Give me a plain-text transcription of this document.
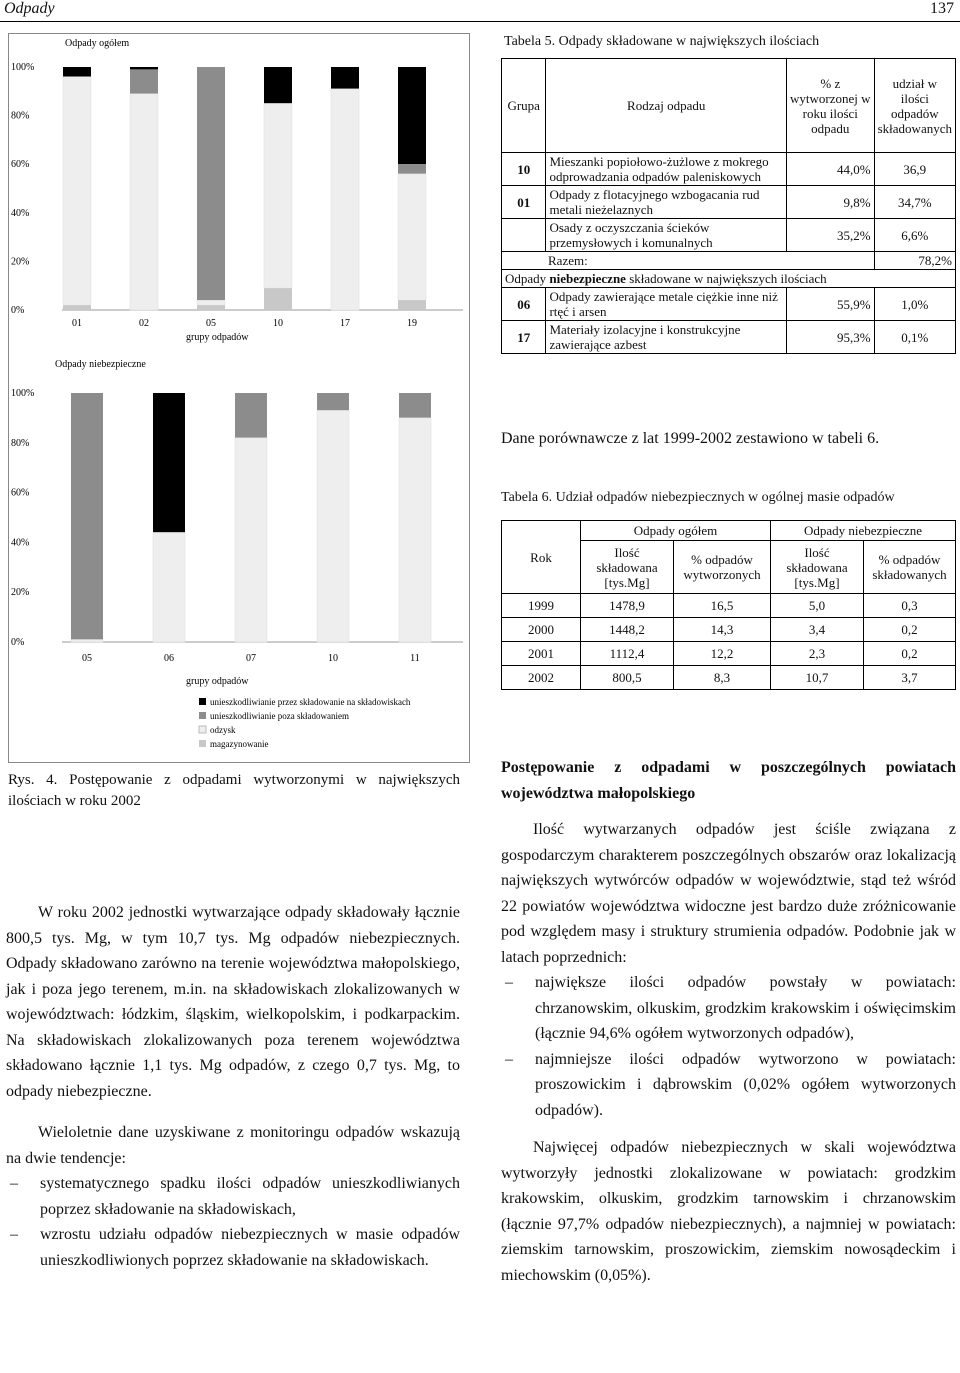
Odpady	137
Odpady ogółem
Odpady niebezpieczne
grupy odpadów
grupy odpadów
100%
80%
60%
40%
20%
0%
01	02	05	10	17	19
100%
80%
60%
40%
20%
0%
05	06	07	10	11
unieszkodliwianie przez składowanie na składowiskach
unieszkodliwianie poza składowaniem
odzysk
magazynowanie
Rys. 4. Postępowanie z odpadami wytworzonymi w największych ilościach w roku 2002
Tabela 5. Odpady składowane w największych ilościach
Grupa	Rodzaj odpadu	% z wytworzonej w roku ilości odpadu	udział w ilości odpadów składowanych
10	Mieszanki popiołowo-żużlowe z mokrego odprowadzania odpadów paleniskowych	44,0%	36,9
01	Odpady z flotacyjnego wzbogacania rud metali nieżelaznych	9,8%	34,7%
	Osady z oczyszczania ścieków przemysłowych i komunalnych	35,2%	6,6%
Razem:			78,2%
Odpady niebezpieczne składowane w największych ilościach			
06	Odpady zawierające metale ciężkie inne niż rtęć i arsen	55,9%	1,0%
17	Materiały izolacyjne i konstrukcyjne zawierające azbest	95,3%	0,1%
Dane porównawcze z lat 1999-2002 zestawiono w tabeli 6.
Tabela 6. Udział odpadów niebezpiecznych w ogólnej masie odpadów
Rok	Odpady ogółem		Odpady niebezpieczne	
	Ilość składowana [tys.Mg]	% odpadów wytworzonych	Ilość składowana [tys.Mg]	% odpadów składowanych
1999	1478,9	16,5	5,0	0,3
2000	1448,2	14,3	3,4	0,2
2001	1112,4	12,2	2,3	0,2
2002	800,5	8,3	10,7	3,7

W roku 2002 jednostki wytwarzające odpady składowały łącznie 800,5 tys. Mg, w tym 10,7 tys. Mg odpadów niebezpiecznych. Odpady składowano zarówno na terenie województwa małopolskiego, jak i poza jego terenem, m.in. na składowiskach zlokalizowanych w województwach: łódzkim, śląskim, wielkopolskim, i podkarpackim. Na składowiskach zlokalizowanych poza terenem województwa składowano łącznie 1,1 tys. Mg odpadów, z czego 0,7 tys. Mg, to odpady niebezpieczne.

Wieloletnie dane uzyskiwane z monitoringu odpadów wskazują na dwie tendencje:

– systematycznego spadku ilości odpadów unieszkodliwianych poprzez składowanie na składowiskach,
– wzrostu udziału odpadów niebezpiecznych w masie odpadów unieszkodliwionych poprzez składowanie na składowiskach.
Postępowanie z odpadami w poszczególnych powiatach województwa małopolskiego

Ilość wytwarzanych odpadów jest ściśle związana z gospodarczym charakterem poszczególnych obszarów oraz lokalizacją największych wytwórców odpadów w województwie, stąd też wśród 22 powiatów województwa widoczne jest bardzo duże zróżnicowanie pod względem masy i struktury strumienia odpadów. Podobnie jak w latach poprzednich:

– największe ilości odpadów powstały w powiatach: chrzanowskim, olkuskim, grodzkim krakowskim i oświęcimskim (łącznie 94,6% ogółem wytworzonych odpadów),
– najmniejsze ilości odpadów wytworzono w powiatach: proszowickim i dąbrowskim (0,02% ogółem wytworzonych odpadów).

Najwięcej odpadów niebezpiecznych w skali województwa wytworzyły jednostki zlokalizowane w powiatach: grodzkim krakowskim, olkuskim, grodzkim tarnowskim i chrzanowskim (łącznie 97,7% odpadów niebezpiecznych), a najmniej w powiatach: ziemskim tarnowskim, proszowickim, ziemskim nowosądeckim i miechowskim (0,05%).
